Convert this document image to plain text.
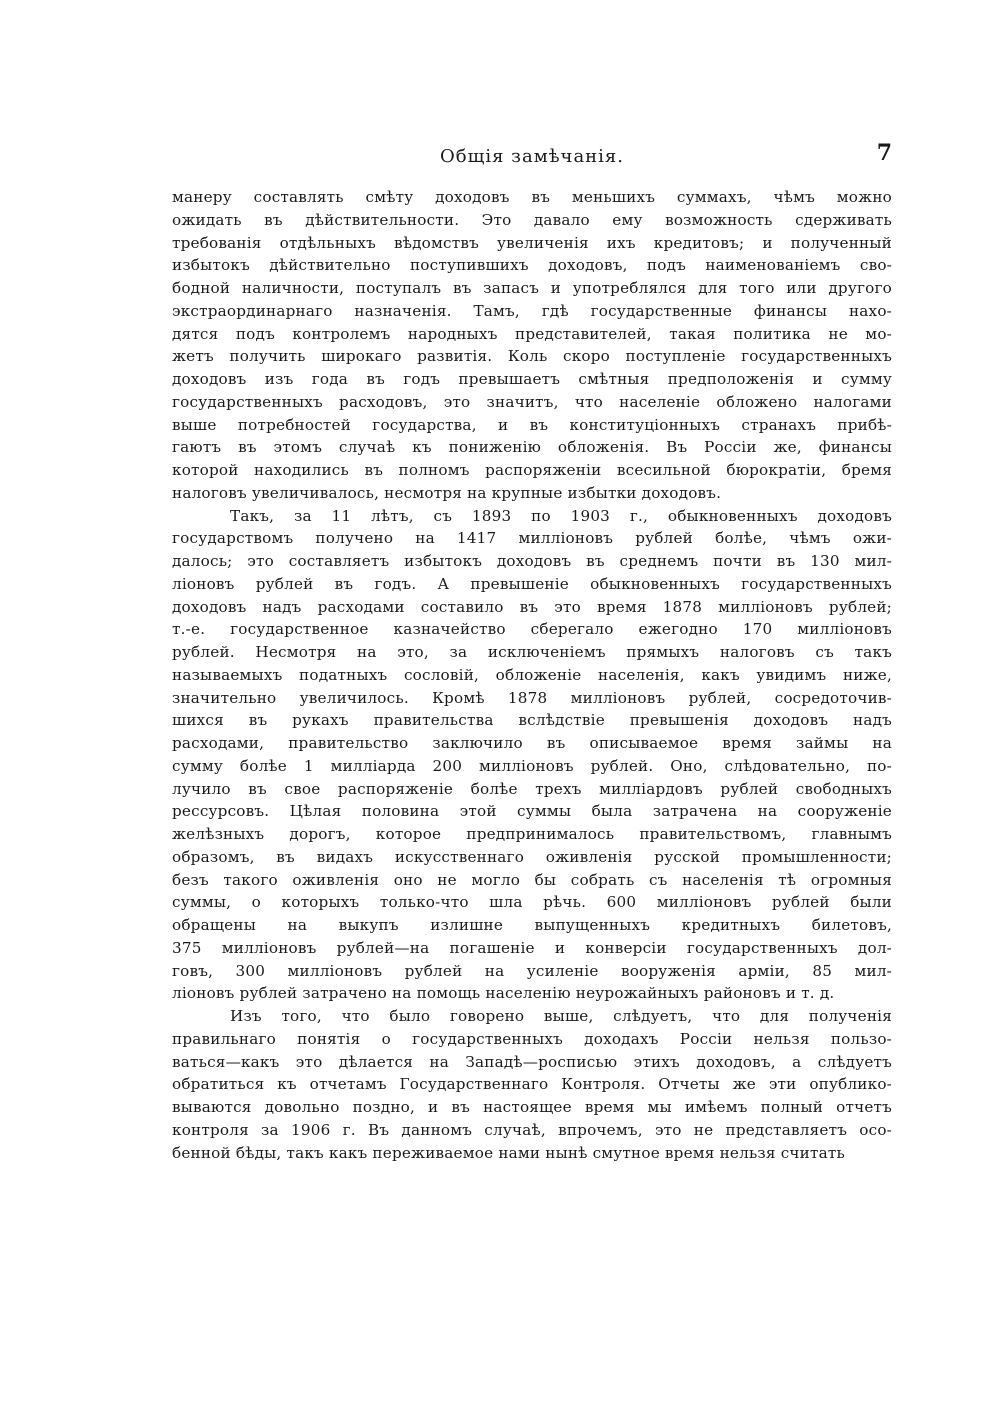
Общія замѣчанія.	7
манеру составлять смѣту доходовъ въ меньшихъ суммахъ, чѣмъ можно
ожидать въ дѣйствительности. Это давало ему возможность сдерживать
требованія отдѣльныхъ вѣдомствъ увеличенія ихъ кредитовъ; и полученный
избытокъ дѣйствительно поступившихъ доходовъ, подъ наименованіемъ сво-
бодной наличности, поступалъ въ запасъ и употреблялся для того или другого
экстраординарнаго назначенія. Тамъ, гдѣ государственные финансы нахо-
дятся подъ контролемъ народныхъ представителей, такая политика не мо-
жетъ получить широкаго развитія. Коль скоро поступленіе государственныхъ
доходовъ изъ года въ годъ превышаетъ смѣтныя предположенія и сумму
государственныхъ расходовъ, это значитъ, что населеніе обложено налогами
выше потребностей государства, и въ конституціонныхъ странахъ прибѣ-
гаютъ въ этомъ случаѣ къ пониженію обложенія. Въ Россіи же, финансы
которой находились въ полномъ распоряженіи всесильной бюрократіи, бремя
налоговъ увеличивалось, несмотря на крупные избытки доходовъ.
Такъ, за 11 лѣтъ, съ 1893 по 1903 г., обыкновенныхъ доходовъ
государствомъ получено на 1417 милліоновъ рублей болѣе, чѣмъ ожи-
далось; это составляетъ избытокъ доходовъ въ среднемъ почти въ 130 мил-
ліоновъ рублей въ годъ. А превышеніе обыкновенныхъ государственныхъ
доходовъ надъ расходами составило въ это время 1878 милліоновъ рублей;
т.-е. государственное казначейство сберегало ежегодно 170 милліоновъ
рублей. Несмотря на это, за исключеніемъ прямыхъ налоговъ съ такъ
называемыхъ податныхъ сословій, обложеніе населенія, какъ увидимъ ниже,
значительно увеличилось. Кромѣ 1878 милліоновъ рублей, сосредоточив-
шихся въ рукахъ правительства вслѣдствіе превышенія доходовъ надъ
расходами, правительство заключило въ описываемое время займы на
сумму болѣе 1 милліарда 200 милліоновъ рублей. Оно, слѣдовательно, по-
лучило въ свое распоряженіе болѣе трехъ милліардовъ рублей свободныхъ
рессурсовъ. Цѣлая половина этой суммы была затрачена на сооруженіе
желѣзныхъ дорогъ, которое предпринималось правительствомъ, главнымъ
образомъ, въ видахъ искусственнаго оживленія русской промышленности;
безъ такого оживленія оно не могло бы собрать съ населенія тѣ огромныя
суммы, о которыхъ только-что шла рѣчь. 600 милліоновъ рублей были
обращены на выкупъ излишне выпущенныхъ кредитныхъ билетовъ,
375 милліоновъ рублей—на погашеніе и конверсіи государственныхъ дол-
говъ, 300 милліоновъ рублей на усиленіе вооруженія арміи, 85 мил-
ліоновъ рублей затрачено на помощь населенію неурожайныхъ районовъ и т. д.
Изъ того, что было говорено выше, слѣдуетъ, что для полученія
правильнаго понятія о государственныхъ доходахъ Россіи нельзя пользо-
ваться—какъ это дѣлается на Западѣ—росписью этихъ доходовъ, а слѣдуетъ
обратиться къ отчетамъ Государственнаго Контроля. Отчеты же эти опублико-
вываются довольно поздно, и въ настоящее время мы имѣемъ полный отчетъ
контроля за 1906 г. Въ данномъ случаѣ, впрочемъ, это не представляетъ осо-
бенной бѣды, такъ какъ переживаемое нами нынѣ смутное время нельзя считать
